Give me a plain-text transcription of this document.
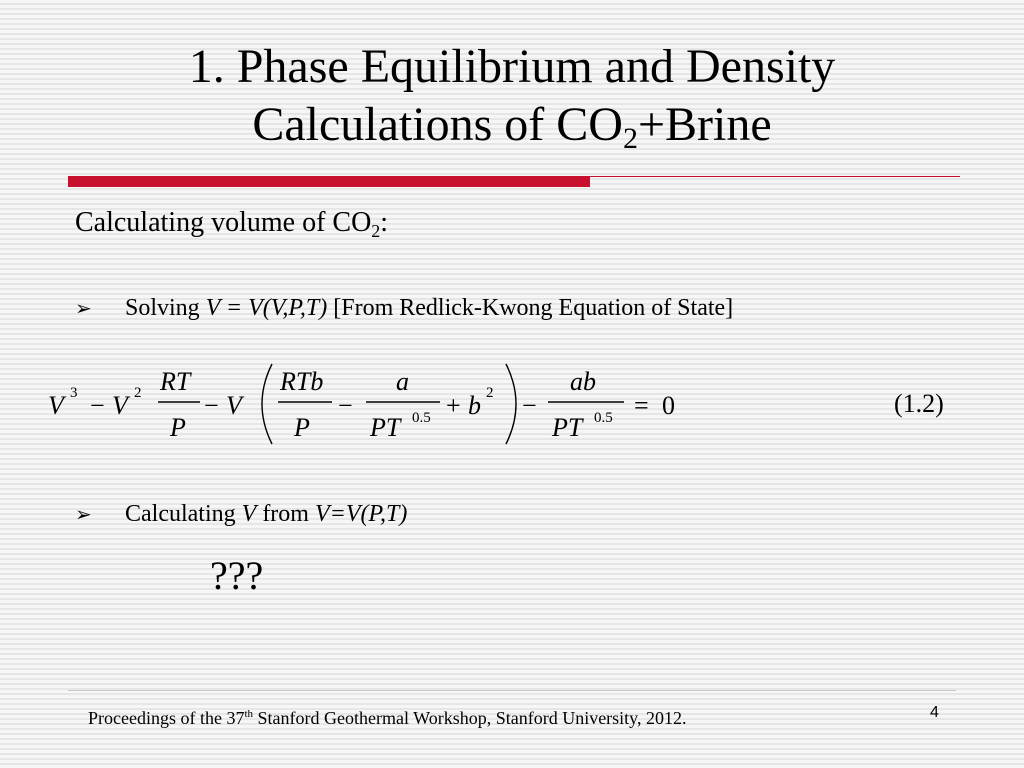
1. Phase Equilibrium and Density
Calculations of $CO_2+Brine$
Calculating volume of $CO_2$:
➢	Solving V = V(V,P,T) [From Redlick-Kwong Equation of State]
V 3 − V 2 RT
P
− V
RTb
P
−
a
PT 0.5 + b 2 −
ab
PT 0.5 = 0	(1.2)
➢	Calculating V from V=V(P,T)
???
Proceedings of the 37th Stanford Geothermal Workshop, Stanford University, 2012.	4
